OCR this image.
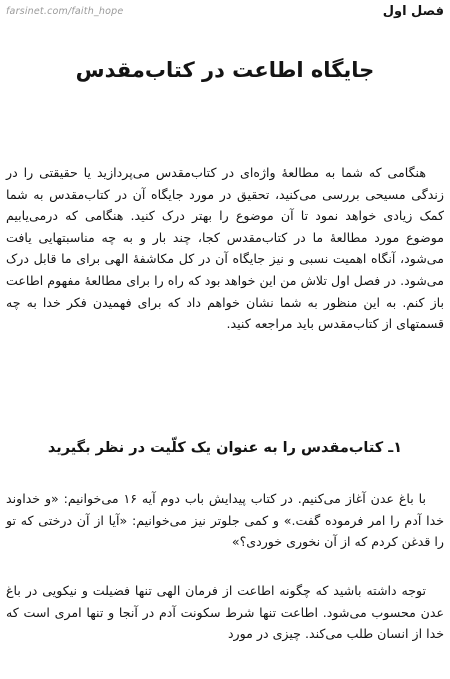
farsinet.com/faith_hope	فصل اول
جایگاه اطاعت در کتاب‌مقدس

هنگامی که شما به مطالعهٔ واژه‌ای در کتاب‌مقدس می‌پردازید یا حقیقتی را در زندگی مسیحی بررسی می‌کنید، تحقیق در مورد جایگاه آن در کتاب‌مقدس به شما کمک زیادی خواهد نمود تا آن موضوع را بهتر درک کنید. هنگامی که درمی‌یابیم موضوع مورد مطالعهٔ ما در کتاب‌مقدس کجا، چند بار و به چه مناسبتهایی یافت می‌شود، آنگاه اهمیت نسبی و نیز جایگاه آن در کل مکاشفهٔ الهی برای ما قابل درک می‌شود. در فصل اول تلاش من این خواهد بود که راه را برای مطالعهٔ مفهوم اطاعت باز کنم. به این منظور به شما نشان خواهم داد که برای فهمیدن فکر خدا به چه قسمتهای از کتاب‌مقدس باید مراجعه کنید.

۱ـ کتاب‌مقدس را به عنوان یک کلّیت در نظر بگیرید

با باغ عدن آغاز می‌کنیم. در کتاب پیدایش باب دوم آیه ۱۶ می‌خوانیم: «و خداوند خدا آدم را امر فرموده گفت.» و کمی جلوتر نیز می‌خوانیم: «آیا از آن درختی که تو را قدغن کردم که از آن نخوری خوردی؟»

توجه داشته باشید که چگونه اطاعت از فرمان الهی تنها فضیلت و نیکویی در باغ عدن محسوب می‌شود. اطاعت تنها شرط سکونت آدم در آنجا و تنها امری است که خدا از انسان طلب می‌کند. چیزی در مورد
